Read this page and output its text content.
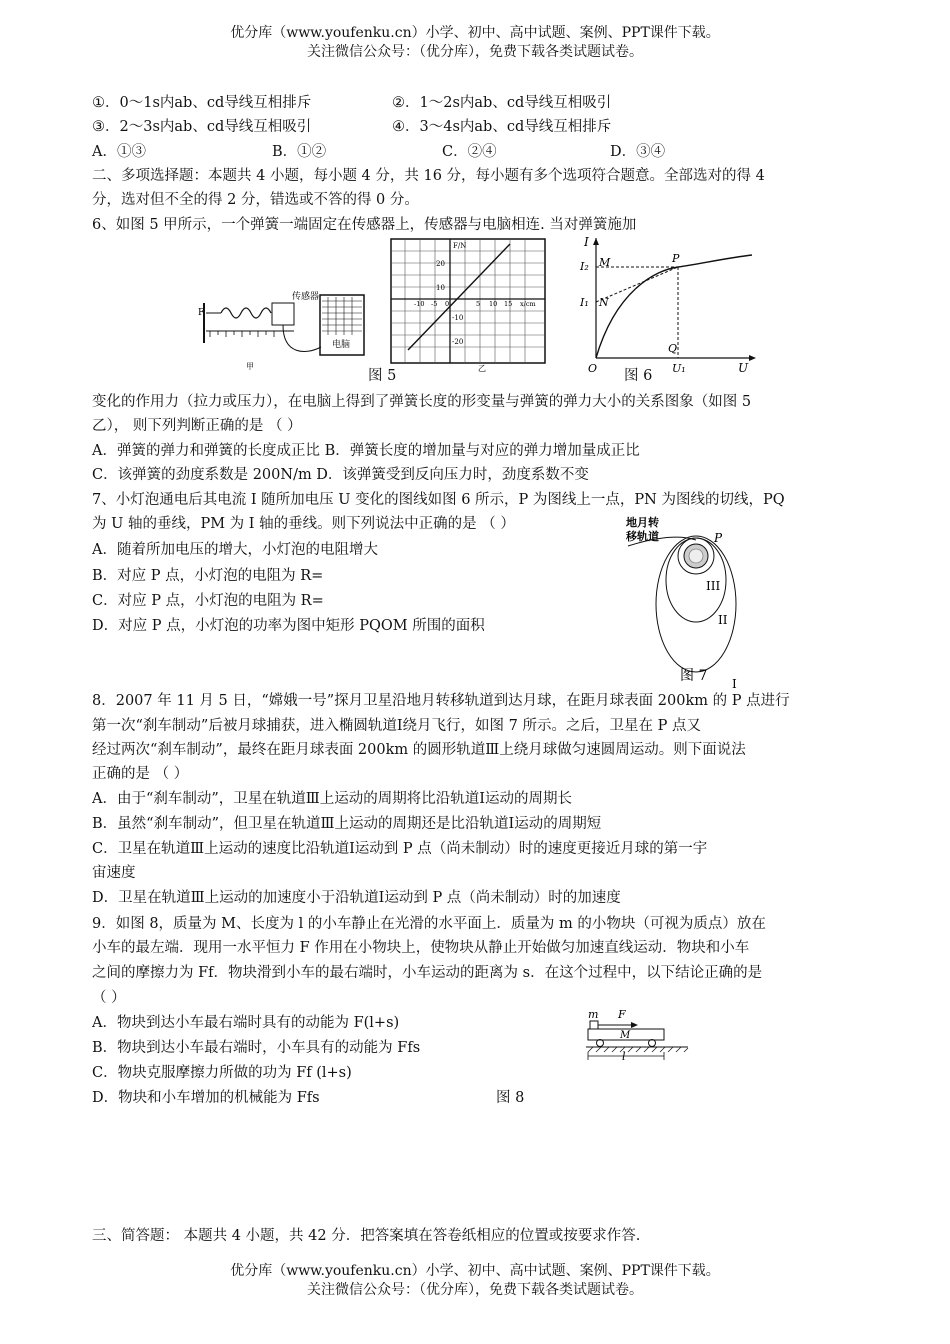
优分库（www.youfenku.cn）小学、初中、高中试题、案例、PPT课件下载。
关注微信公众号：（优分库），免费下载各类试题试卷。
①．0～1s内ab、cd导线互相排斥	②．1～2s内ab、cd导线互相吸引
③．2～3s内ab、cd导线互相吸引	④．3～4s内ab、cd导线互相排斥
A．①③	B．①②	C．②④	D．③④
二、多项选择题：本题共 4 小题，每小题 4 分，共 16 分，每小题有多个选项符合题意。全部选对的得 4
分，选对但不全的得 2 分，错选或不答的得 0 分。
6、如图 5 甲所示，一个弹簧一端固定在传感器上，传感器与电脑相连. 当对弹簧施加
F
传感器
电脑
甲
F/N
x/cm
20
10
-10
-20
-10 -5 0	5 10 15
乙
图 5
I
I₂ M
I₁ N
P
Q
O	U₁	U
图 6
变化的作用力（拉力或压力），在电脑上得到了弹簧长度的形变量与弹簧的弹力大小的关系图象（如图 5
乙）， 则下列判断正确的是 （ ）
A．弹簧的弹力和弹簧的长度成正比 B．弹簧长度的增加量与对应的弹力增加量成正比
C．该弹簧的劲度系数是 200N/m D．该弹簧受到反向压力时，劲度系数不变
7、小灯泡通电后其电流 I 随所加电压 U 变化的图线如图 6 所示，P 为图线上一点，PN 为图线的切线，PQ
为 U 轴的垂线，PM 为 I 轴的垂线。则下列说法中正确的是 （ ）
A．随着所加电压的增大，小灯泡的电阻增大
B．对应 P 点，小灯泡的电阻为 R=
C．对应 P 点，小灯泡的电阻为 R=
D．对应 P 点，小灯泡的功率为图中矩形 PQOM 所围的面积
地月转
移轨道	P
III
II
I
图 7
8．2007 年 11 月 5 日，“嫦娥一号”探月卫星沿地月转移轨道到达月球，在距月球表面 200km 的 P 点进行
第一次“刹车制动”后被月球捕获，进入椭圆轨道Ⅰ绕月飞行，如图 7 所示。之后，卫星在 P 点又
经过两次“刹车制动”，最终在距月球表面 200km 的圆形轨道Ⅲ上绕月球做匀速圆周运动。则下面说法
正确的是 （ ）
A．由于“刹车制动”，卫星在轨道Ⅲ上运动的周期将比沿轨道Ⅰ运动的周期长
B．虽然“刹车制动”，但卫星在轨道Ⅲ上运动的周期还是比沿轨道Ⅰ运动的周期短
C．卫星在轨道Ⅲ上运动的速度比沿轨道Ⅰ运动到 P 点（尚未制动）时的速度更接近月球的第一宇
宙速度
D．卫星在轨道Ⅲ上运动的加速度小于沿轨道Ⅰ运动到 P 点（尚未制动）时的加速度
9．如图 8，质量为 M、长度为 l 的小车静止在光滑的水平面上．质量为 m 的小物块（可视为质点）放在
小车的最左端．现用一水平恒力 F 作用在小物块上，使物块从静止开始做匀加速直线运动．物块和小车
之间的摩擦力为 Ff．物块滑到小车的最右端时，小车运动的距离为 s．在这个过程中，以下结论正确的是
（ ）
A．物块到达小车最右端时具有的动能为 F(l+s)
B．物块到达小车最右端时，小车具有的动能为 Ffs
C．物块克服摩擦力所做的功为 Ff (l+s)
D．物块和小车增加的机械能为 Ffs	图 8
m F
M
l
三、简答题： 本题共 4 小题，共 42 分．把答案填在答卷纸相应的位置或按要求作答.
优分库（www.youfenku.cn）小学、初中、高中试题、案例、PPT课件下载。
关注微信公众号：（优分库），免费下载各类试题试卷。
